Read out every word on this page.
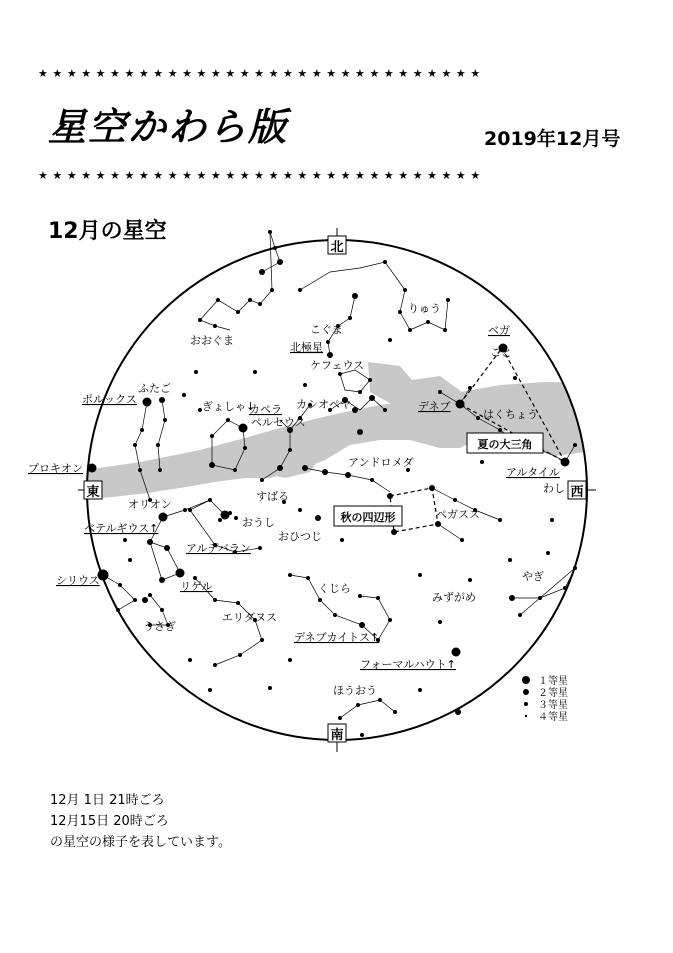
★★★★★★★★★★★★★★★★★★★★★★★★★★★★★★★
星空かわら版	2019年12月号
★★★★★★★★★★★★★★★★★★★★★★★★★★★★★★★
12月の星空
北
南
東	西
夏の大三角
秋の四辺形
おおぐま
こぐま
北極星
りゅう
ベガ
こと
ケフェウス
カシオペヤ	デネブ
はくちょう
アルタイル
わし
ポルックス
ふたご
ぎょしゃ↓
カペラ
ペルセウス
アンドロメダ
プロキオン
オリオン
すばる
おうし
おひつじ
ペガスス
ベテルギウス↑
アルデバラン
シリウス	リゲル
うさぎ
エリダヌス
くじら
みずがめ
やぎ
デネブカイトス↑
フォーマルハウト↑
ほうおう
１等星
２等星
３等星
４等星
12月 1日 21時ごろ
12月15日 20時ごろ
の星空の様子を表しています。
